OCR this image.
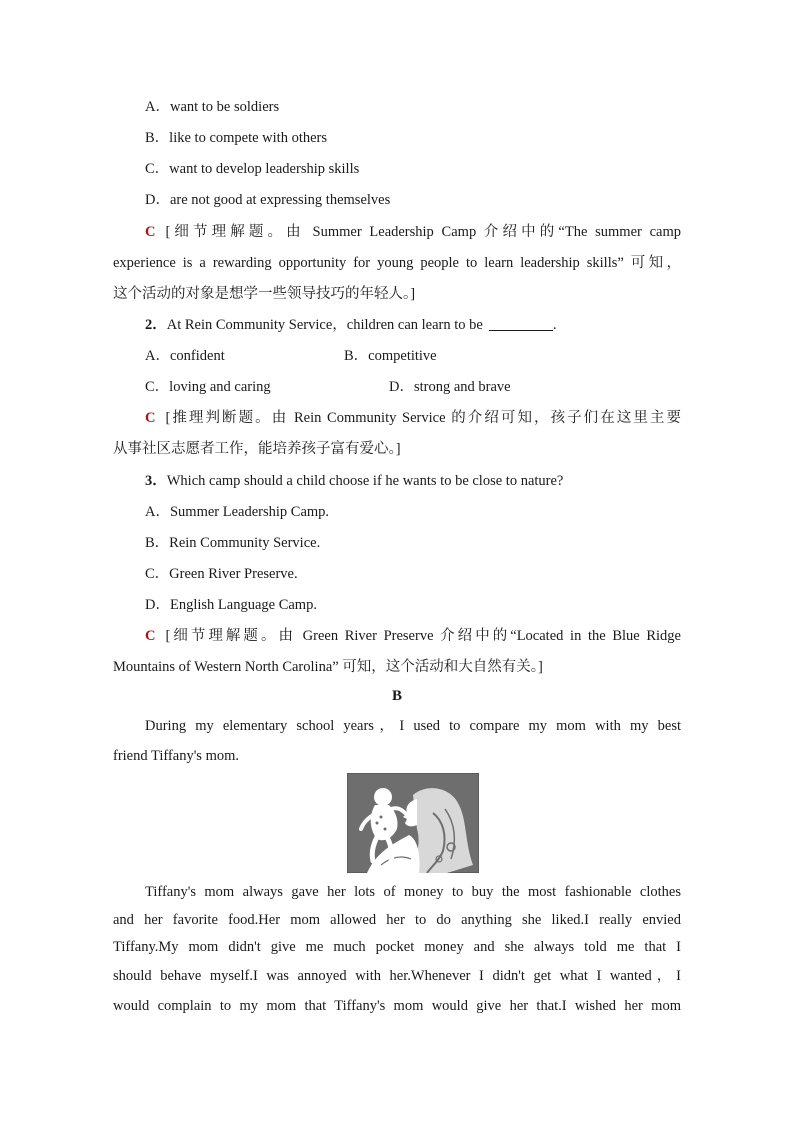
A．want to be soldiers
B．like to compete with others
C．want to develop leadership skills
D．are not good at expressing themselves
C [细节理解题。由 Summer Leadership Camp 介绍中的“The summer camp
experience is a rewarding opportunity for young people to learn leadership skills” 可知，
这个活动的对象是想学一些领导技巧的年轻人。]
2．At Rein Community Service，children can learn to be	.
A．confident	B．competitive
C．loving and caring	D．strong and brave
C [推理判断题。由 Rein Community Service 的介绍可知，孩子们在这里主要
从事社区志愿者工作，能培养孩子富有爱心。]
3．Which camp should a child choose if he wants to be close to nature?
A．Summer Leadership Camp.
B．Rein Community Service.
C．Green River Preserve.
D．English Language Camp.
C [细节理解题。由 Green River Preserve 介绍中的“Located in the Blue Ridge
Mountains of Western North Carolina” 可知，这个活动和大自然有关。]
B
During my elementary school years，I used to compare my mom with my best
friend Tiffany's mom.
Tiffany's mom always gave her lots of money to buy the most fashionable clothes
and her favorite food.Her mom allowed her to do anything she liked.I really envied
Tiffany.My mom didn't give me much pocket money and she always told me that I
should behave myself.I was annoyed with her.Whenever I didn't get what I wanted，I
would complain to my mom that Tiffany's mom would give her that.I wished her mom
